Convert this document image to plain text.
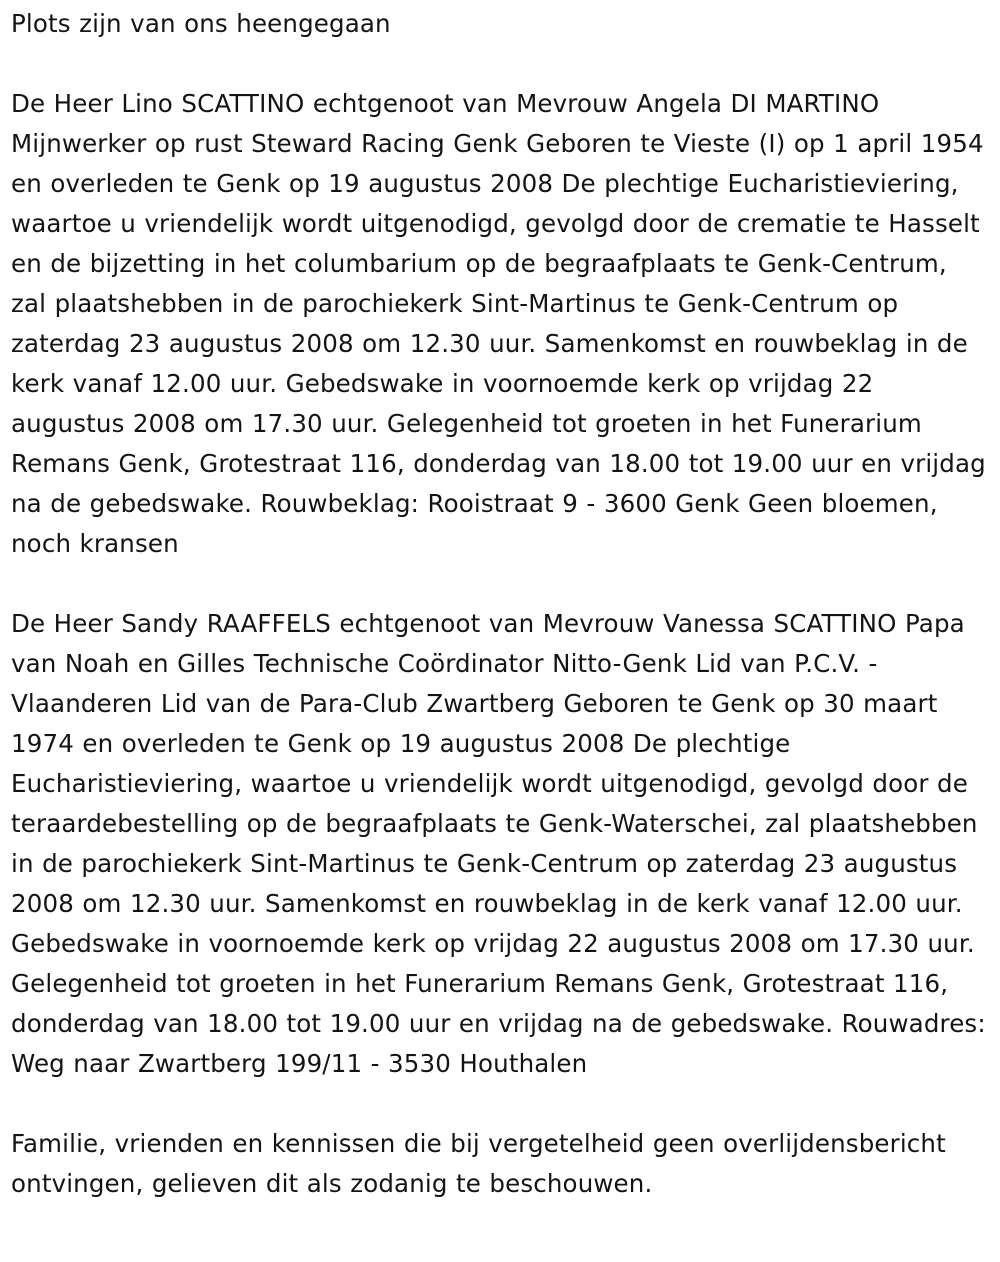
Plots zijn van ons heengegaan

De Heer Lino SCATTINO echtgenoot van Mevrouw Angela DI MARTINO Mijnwerker op rust Steward Racing Genk Geboren te Vieste (I) op 1 april 1954 en overleden te Genk op 19 augustus 2008 De plechtige Eucharistieviering, waartoe u vriendelijk wordt uitgenodigd, gevolgd door de crematie te Hasselt en de bijzetting in het columbarium op de begraafplaats te Genk-Centrum, zal plaatshebben in de parochiekerk Sint-Martinus te Genk-Centrum op zaterdag 23 augustus 2008 om 12.30 uur. Samenkomst en rouwbeklag in de kerk vanaf 12.00 uur. Gebedswake in voornoemde kerk op vrijdag 22 augustus 2008 om 17.30 uur. Gelegenheid tot groeten in het Funerarium Remans Genk, Grotestraat 116, donderdag van 18.00 tot 19.00 uur en vrijdag na de gebedswake. Rouwbeklag: Rooistraat 9 - 3600 Genk Geen bloemen, noch kransen

De Heer Sandy RAAFFELS echtgenoot van Mevrouw Vanessa SCATTINO Papa van Noah en Gilles Technische Coördinator Nitto-Genk Lid van P.C.V. - Vlaanderen Lid van de Para-Club Zwartberg Geboren te Genk op 30 maart 1974 en overleden te Genk op 19 augustus 2008 De plechtige Eucharistieviering, waartoe u vriendelijk wordt uitgenodigd, gevolgd door de teraardebestelling op de begraafplaats te Genk-Waterschei, zal plaatshebben in de parochiekerk Sint-Martinus te Genk-Centrum op zaterdag 23 augustus 2008 om 12.30 uur. Samenkomst en rouwbeklag in de kerk vanaf 12.00 uur. Gebedswake in voornoemde kerk op vrijdag 22 augustus 2008 om 17.30 uur. Gelegenheid tot groeten in het Funerarium Remans Genk, Grotestraat 116, donderdag van 18.00 tot 19.00 uur en vrijdag na de gebedswake. Rouwadres: Weg naar Zwartberg 199/11 - 3530 Houthalen

Familie, vrienden en kennissen die bij vergetelheid geen overlijdensbericht ontvingen, gelieven dit als zodanig te beschouwen.
